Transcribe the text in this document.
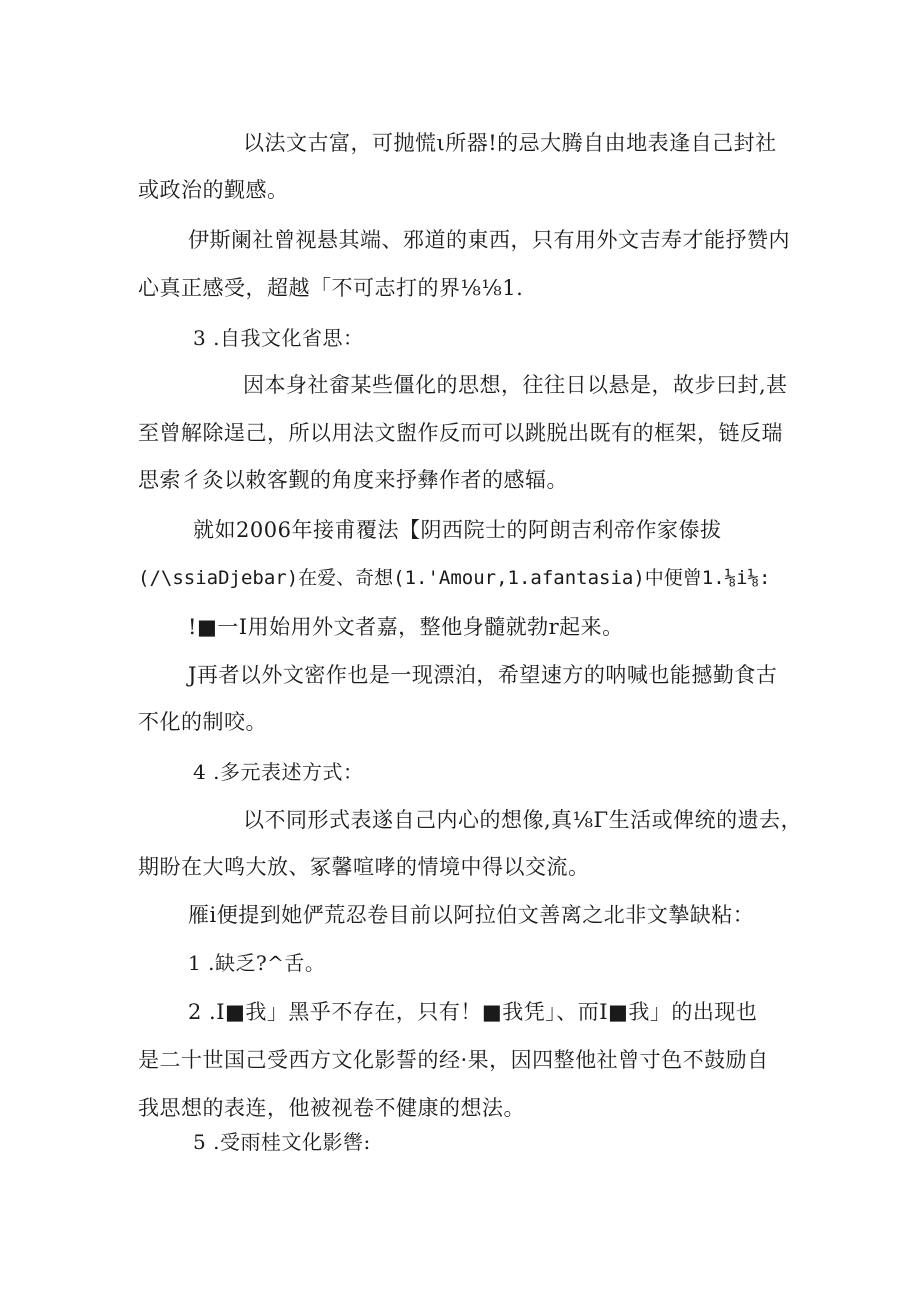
以法文古富，可抛慌ι所器!的忌大腾自由地表逢自己封社

或政治的觐感。

伊斯阑社曾视悬其端、邪道的東西，只有用外文吉寿才能抒赞内

心真正感受，超越「不可志打的界⅛⅛1.

3 .自我文化省思：

因本身社畲某些僵化的思想，往往日以悬是，故步曰封,甚

至曾解除逞己，所以用法文盥作反而可以跳脱出既有的框架，链反瑞

思索彳灸以敕客觐的角度来抒彝作者的感辐。

就如2006年接甫覆法【阴西院士的阿朗吉利帝作家傣拔

(/\ssiaDjebar)在爱、奇想(1.'Amour,1.afantasia)中便曾1.⅛i⅛:

!■一I用始用外文者嘉，整他身髓就勃r起来。

J再者以外文密作也是一现漂泊，希望速方的呐喊也能撼勤食古

不化的制咬。

4 .多元表述方式：

以不同形式表遂自己内心的想像,真⅛Γ生活或俾统的遗去，

期盼在大鸣大放、冢馨喧哮的情境中得以交流。

雁i便提到她俨荒忍卷目前以阿拉伯文善离之北非文摯缺粘：

1 .缺乏?^舌。

2 .I■我」黑乎不存在，只有！■我凭」、而I■我」的出现也

是二十世国己受西方文化影誓的经·果，因四整他社曾寸色不鼓励自

我思想的表连，他被视卷不健康的想法。

5 .受雨桂文化影辔:
